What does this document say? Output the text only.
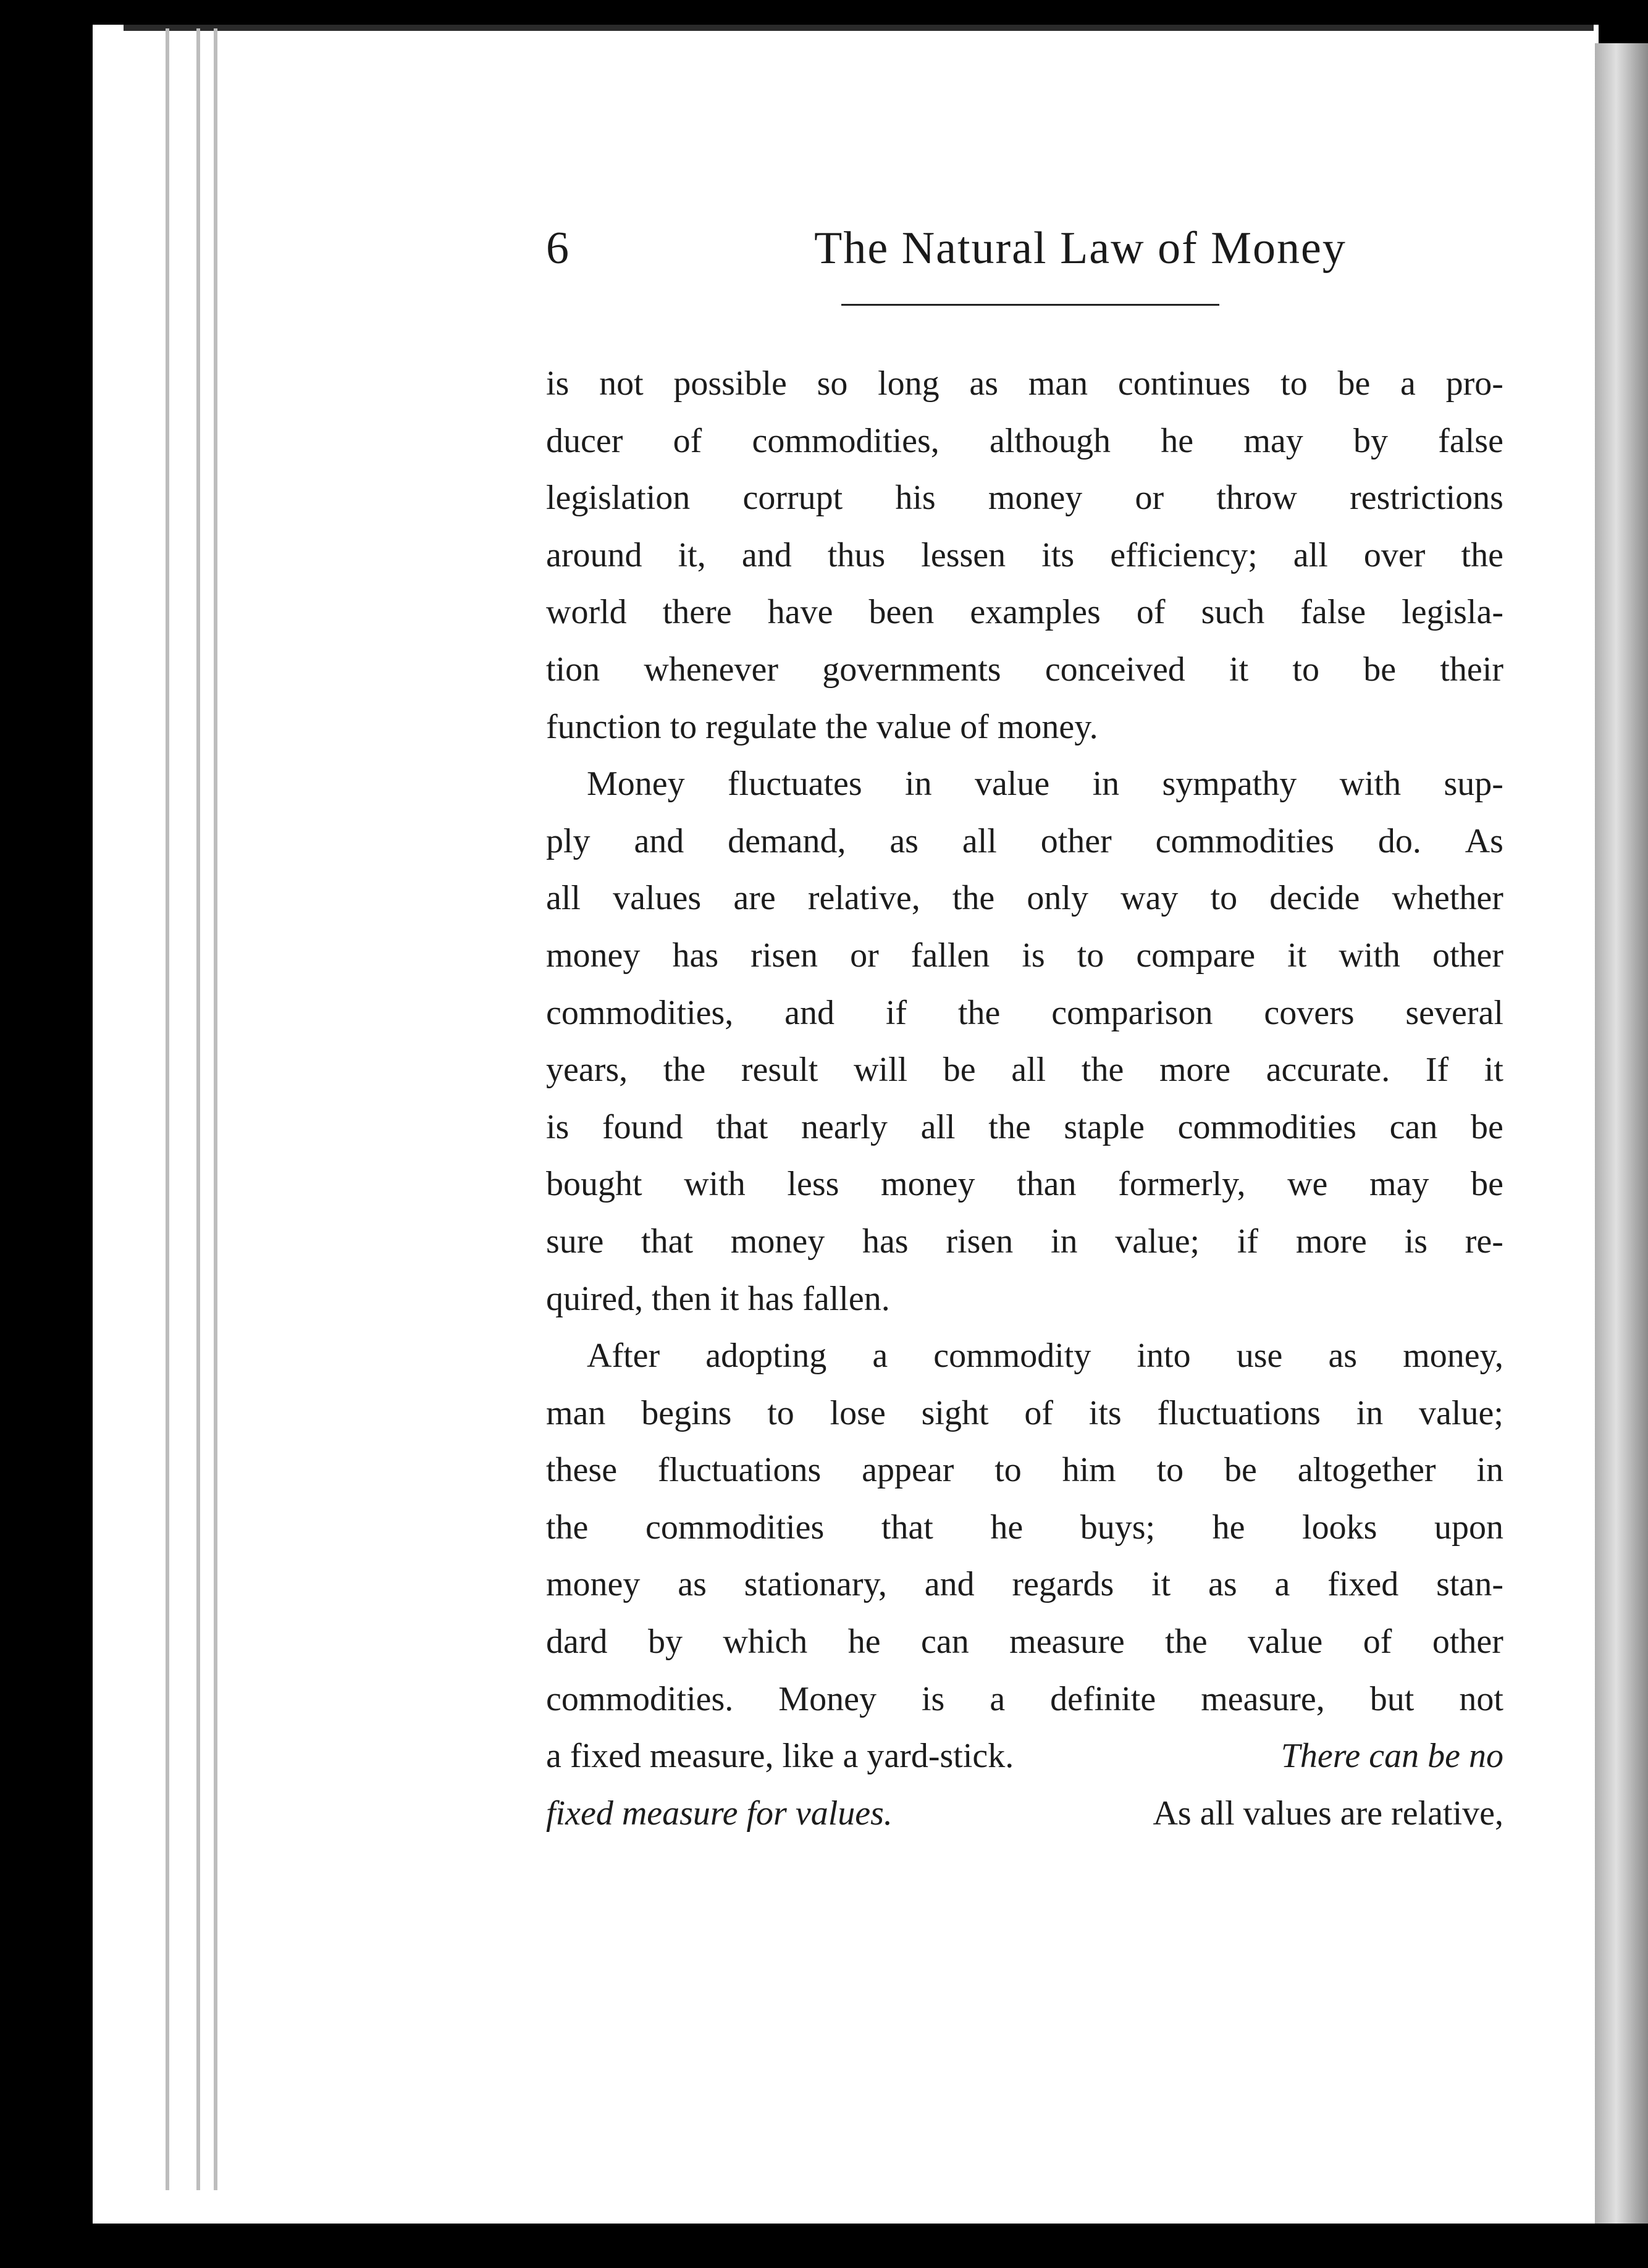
6	The Natural Law of Money
is not possible so long as man continues to be a pro-
ducer of commodities, although he may by false
legislation corrupt his money or throw restrictions
around it, and thus lessen its efficiency; all over the
world there have been examples of such false legisla-
tion whenever governments conceived it to be their
function to regulate the value of money.
Money fluctuates in value in sympathy with sup-
ply and demand, as all other commodities do. As
all values are relative, the only way to decide whether
money has risen or fallen is to compare it with other
commodities, and if the comparison covers several
years, the result will be all the more accurate. If it
is found that nearly all the staple commodities can be
bought with less money than formerly, we may be
sure that money has risen in value; if more is re-
quired, then it has fallen.
After adopting a commodity into use as money,
man begins to lose sight of its fluctuations in value;
these fluctuations appear to him to be altogether in
the commodities that he buys; he looks upon
money as stationary, and regards it as a fixed stan-
dard by which he can measure the value of other
commodities. Money is a definite measure, but not
a fixed measure, like a yard-stick.	There can be no
fixed measure for values.	As all values are relative,
